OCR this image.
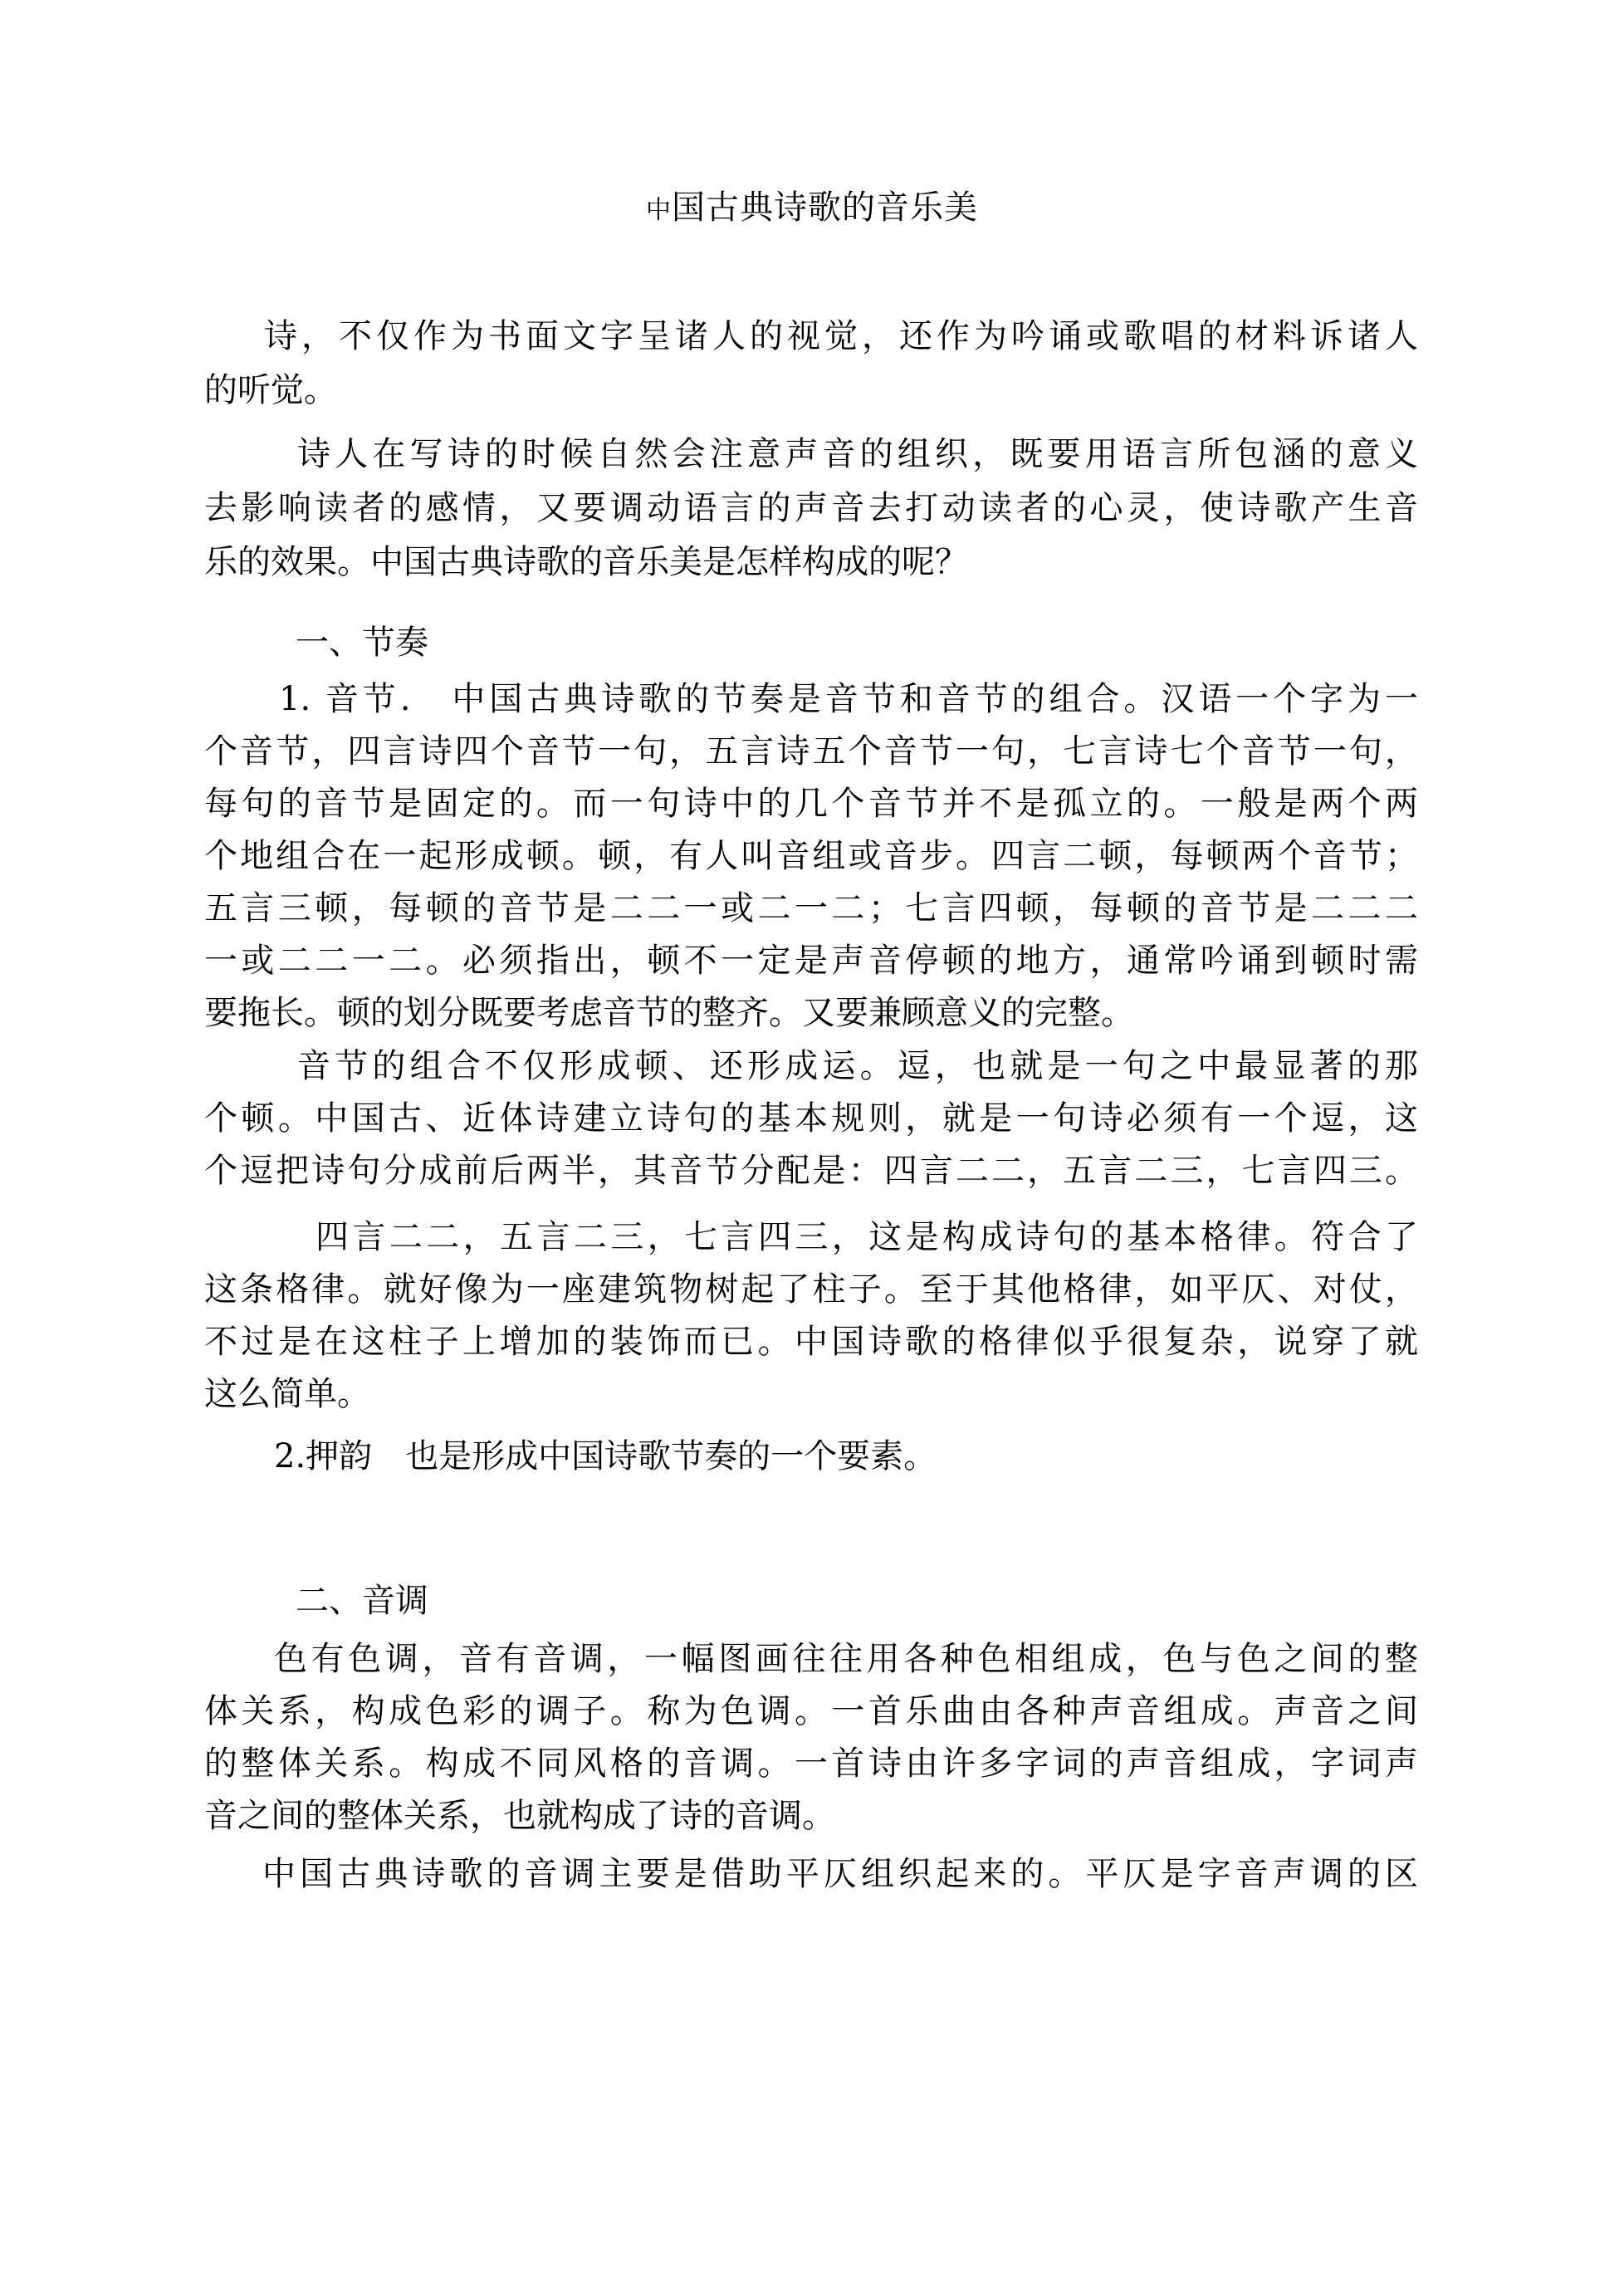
中国古典诗歌的音乐美
诗，不仅作为书面文字呈诸人的视觉，还作为吟诵或歌唱的材料诉诸人
的听觉。
诗人在写诗的时候自然会注意声音的组织，既要用语言所包涵的意义
去影响读者的感情，又要调动语言的声音去打动读者的心灵，使诗歌产生音
乐的效果。中国古典诗歌的音乐美是怎样构成的呢？
一、节奏
1. 音节.　中国古典诗歌的节奏是音节和音节的组合。汉语一个字为一
个音节，四言诗四个音节一句，五言诗五个音节一句，七言诗七个音节一句，
每句的音节是固定的。而一句诗中的几个音节并不是孤立的。一般是两个两
个地组合在一起形成顿。顿，有人叫音组或音步。四言二顿，每顿两个音节；
五言三顿，每顿的音节是二二一或二一二；七言四顿，每顿的音节是二二二
一或二二一二。必须指出，顿不一定是声音停顿的地方，通常吟诵到顿时需
要拖长。顿的划分既要考虑音节的整齐。又要兼顾意义的完整。
音节的组合不仅形成顿、还形成运。逗，也就是一句之中最显著的那
个顿。中国古、近体诗建立诗句的基本规则，就是一句诗必须有一个逗，这
个逗把诗句分成前后两半，其音节分配是：四言二二，五言二三，七言四三。
四言二二，五言二三，七言四三，这是构成诗句的基本格律。符合了
这条格律。就好像为一座建筑物树起了柱子。至于其他格律，如平仄、对仗，
不过是在这柱子上增加的装饰而已。中国诗歌的格律似乎很复杂，说穿了就
这么简单。
2.押韵　也是形成中国诗歌节奏的一个要素。
二、音调
色有色调，音有音调，一幅图画往往用各种色相组成，色与色之间的整
体关系，构成色彩的调子。称为色调。一首乐曲由各种声音组成。声音之间
的整体关系。构成不同风格的音调。一首诗由许多字词的声音组成，字词声
音之间的整体关系，也就构成了诗的音调。
中国古典诗歌的音调主要是借助平仄组织起来的。平仄是字音声调的区
